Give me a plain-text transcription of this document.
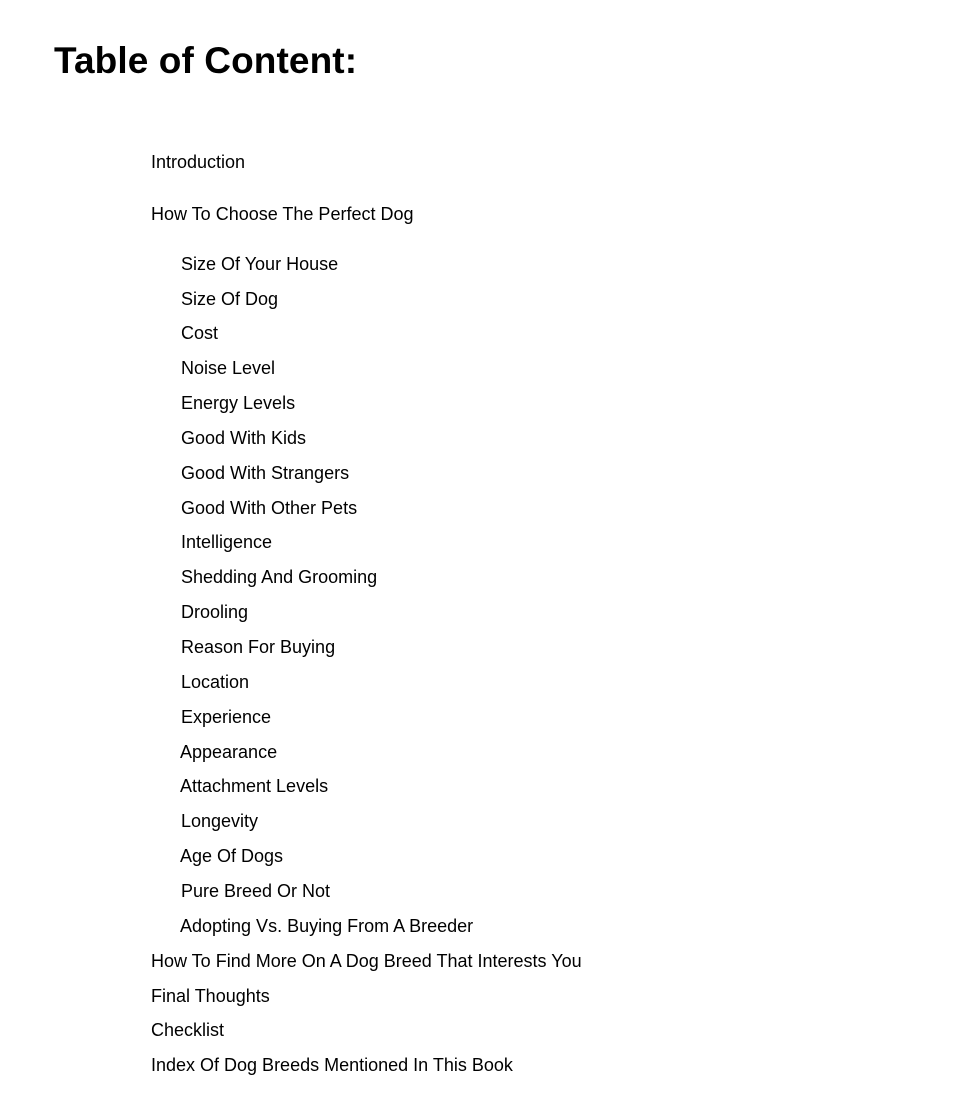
Table of Content:
Introduction
How To Choose The Perfect Dog
Size Of Your House
Size Of Dog
Cost
Noise Level
Energy Levels
Good With Kids
Good With Strangers
Good With Other Pets
Intelligence
Shedding And Grooming
Drooling
Reason For Buying
Location
Experience
Appearance
Attachment Levels
Longevity
Age Of Dogs
Pure Breed Or Not
Adopting Vs. Buying From A Breeder
How To Find More On A Dog Breed That Interests You
Final Thoughts
Checklist
Index Of Dog Breeds Mentioned In This Book
